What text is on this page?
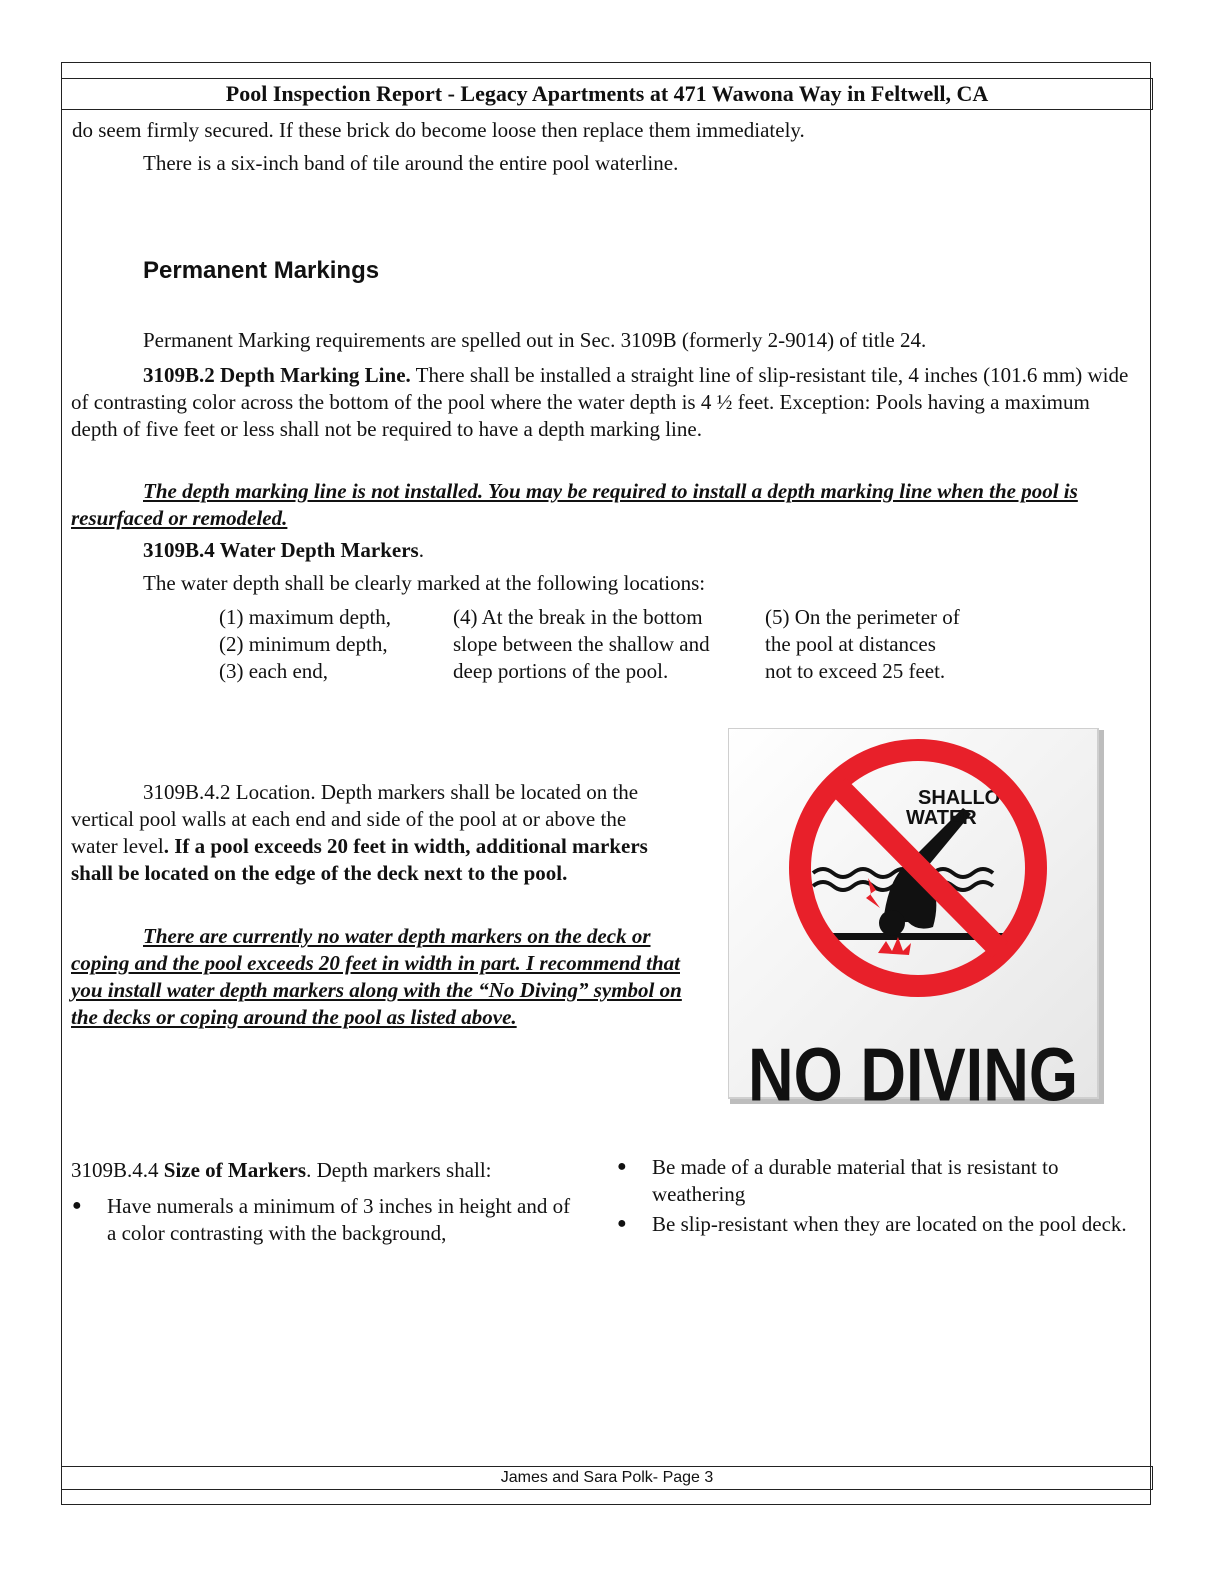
Pool Inspection Report - Legacy Apartments at 471 Wawona Way in Feltwell, CA
do seem firmly secured. If these brick do become loose then replace them immediately.
There is a six-inch band of tile around the entire pool waterline.
Permanent Markings
Permanent Marking requirements are spelled out in Sec. 3109B (formerly 2-9014) of title 24.
3109B.2 Depth Marking Line. There shall be installed a straight line of slip-resistant tile, 4 inches (101.6 mm) wide of contrasting color across the bottom of the pool where the water depth is 4 ½ feet. Exception: Pools having a maximum depth of five feet or less shall not be required to have a depth marking line.
The depth marking line is not installed. You may be required to install a depth marking line when the pool is resurfaced or remodeled.
3109B.4 Water Depth Markers.
The water depth shall be clearly marked at the following locations:
(1) maximum depth,
(2) minimum depth,
(3) each end,
(4) At the break in the bottom
slope between the shallow and
deep portions of the pool.
(5) On the perimeter of
the pool at distances
not to exceed 25 feet.
3109B.4.2 Location. Depth markers shall be located on the vertical pool walls at each end and side of the pool at or above the water level. If a pool exceeds 20 feet in width, additional markers shall be located on the edge of the deck next to the pool.
There are currently no water depth markers on the deck or coping and the pool exceeds 20 feet in width in part. I recommend that you install water depth markers along with the “No Diving” symbol on the decks or coping around the pool as listed above.
SHALLOW
WATER
NO DIVING
3109B.4.4 Size of Markers. Depth markers shall:
● Have numerals a minimum of 3 inches in height and of a color contrasting with the background,
● Be made of a durable material that is resistant to weathering
● Be slip-resistant when they are located on the pool deck.
James and Sara Polk- Page 3
